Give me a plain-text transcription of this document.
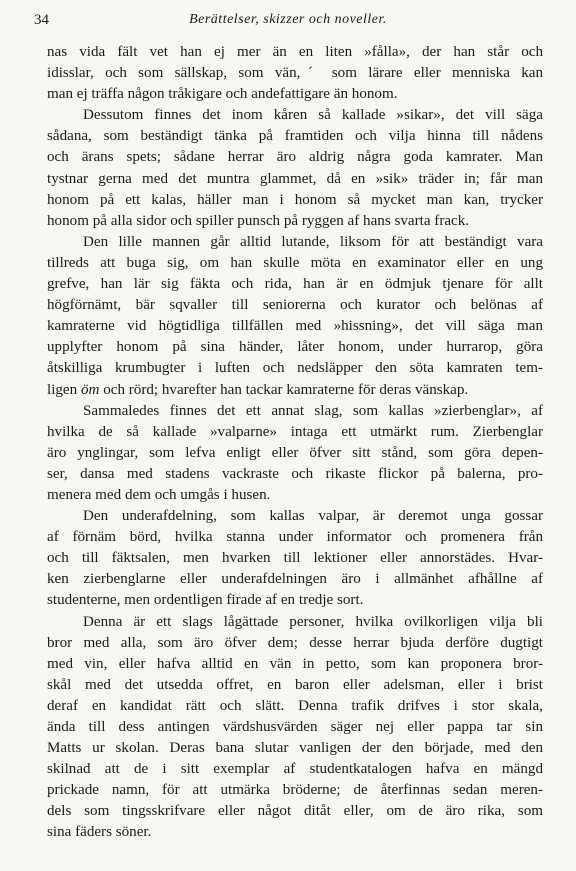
34	Berättelser, skizzer och noveller.
nas vida fält vet han ej mer än en liten »fålla», der han står och
idisslar, och som sällskap, som vän,ˊ som lärare eller menniska kan
man ej träffa någon tråkigare och andefattigare än honom.
Dessutom finnes det inom kåren så kallade »sikar», det vill säga
sådana, som beständigt tänka på framtiden och vilja hinna till nådens
och ärans spets; sådane herrar äro aldrig några goda kamrater. Man
tystnar gerna med det muntra glammet, då en »sik» träder in; får man
honom på ett kalas, häller man i honom så mycket man kan, trycker
honom på alla sidor och spiller punsch på ryggen af hans svarta frack.
Den lille mannen går alltid lutande, liksom för att beständigt vara
tillreds att buga sig, om han skulle möta en examinator eller en ung
grefve, han lär sig fäkta och rida, han är en ödmjuk tjenare för allt
högförnämt, bär sqvaller till seniorerna och kurator och belönas af
kamraterne vid högtidliga tillfällen med »hissning», det vill säga man
upplyfter honom på sina händer, låter honom, under hurrarop, göra
åtskilliga krumbugter i luften och nedsläpper den söta kamraten tem-
ligen öm och rörd; hvarefter han tackar kamraterne för deras vänskap.
Sammaledes finnes det ett annat slag, som kallas »zierbenglar», af
hvilka de så kallade »valparne» intaga ett utmärkt rum. Zierbenglar
äro ynglingar, som lefva enligt eller öfver sitt stånd, som göra depen-
ser, dansa med stadens vackraste och rikaste flickor på balerna, pro-
menera med dem och umgås i husen.
Den underafdelning, som kallas valpar, är deremot unga gossar
af förnäm börd, hvilka stanna under informator och promenera från
och till fäktsalen, men hvarken till lektioner eller annorstädes. Hvar-
ken zierbenglarne eller underafdelningen äro i allmänhet afhållne af
studenterne, men ordentligen firade af en tredje sort.
Denna är ett slags lågättade personer, hvilka ovilkorligen vilja bli
bror med alla, som äro öfver dem; desse herrar bjuda derföre dugtigt
med vin, eller hafva alltid en vän in petto, som kan proponera bror-
skål med det utsedda offret, en baron eller adelsman, eller i brist
deraf en kandidat rätt och slätt. Denna trafik drifves i stor skala,
ända till dess antingen värdshusvärden säger nej eller pappa tar sin
Matts ur skolan. Deras bana slutar vanligen der den började, med den
skilnad att de i sitt exemplar af studentkatalogen hafva en mängd
prickade namn, för att utmärka bröderne; de återfinnas sedan meren-
dels som tingsskrifvare eller något ditåt eller, om de äro rika, som
sina fäders söner.
